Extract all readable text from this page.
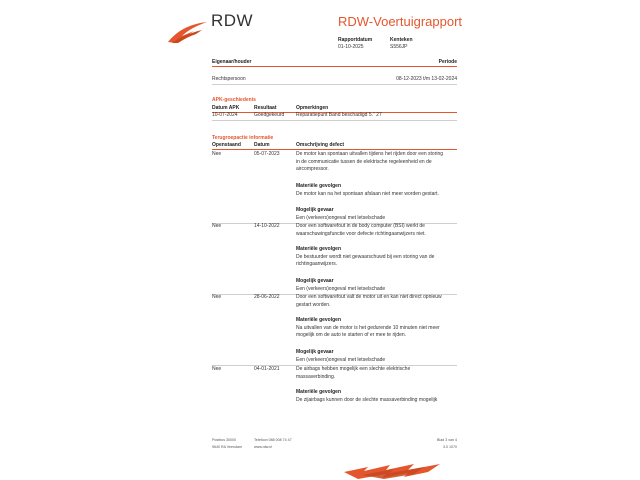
RDW	RDW-Voertuigrapport
Rapportdatum
01-10-2025
Kenteken
S556JP
Eigenaar/houder	Periode
Rechtspersoon	08-12-2023 t/m 13-02-2024
APK-geschiedenis
Datum APK	Resultaat	Opmerkingen
10-07-2024	Goedgekeurd Reparatiepunt Band beschadigd 5." 27
Terugroepactie informatie
Openstaand	Datum	Omschrijving defect
Nee	05-07-2023	De motor kan spontaan uitvallen tijdens het rijden door een storing
in de communicatie tussen de elektrische regeleenheid en de
aircompressor.
Materiële gevolgen
De motor kan na het spontaan afslaan niet meer worden gestart.
Mogelijk gevaar
Een (verkeers)ongeval met letselschade
Nee	14-10-2022	Door een softwarefout in de body computer (BSI) werkt de
waarschuwingsfunctie voor defecte richtingaanwijzers niet.
Materiële gevolgen
De bestuurder wordt niet gewaarschuwd bij een storing van de
richtingaanwijzers.
Mogelijk gevaar
Een (verkeers)ongeval met letselschade
Nee	28-06-2022	Door een softwarefout valt de motor uit en kan niet direct opnieuw
gestart worden.
Materiële gevolgen
Na uitvallen van de motor is het gedurende 10 minuten niet meer
mogelijk om de auto te starten of er mee te rijden.
Mogelijk gevaar
Een (verkeers)ongeval met letselschade
Nee	04-01-2021	De airbags hebben mogelijk een slechte elektrische
massaverbinding.
Materiële gevolgen
De zijairbags kunnen door de slechte massaverbinding mogelijk
Postbus 30000
9640 RA Veendam
Telefoon 088 008 74 47
www.rdw.nl
Blad 3 van 4
3.0 1070
